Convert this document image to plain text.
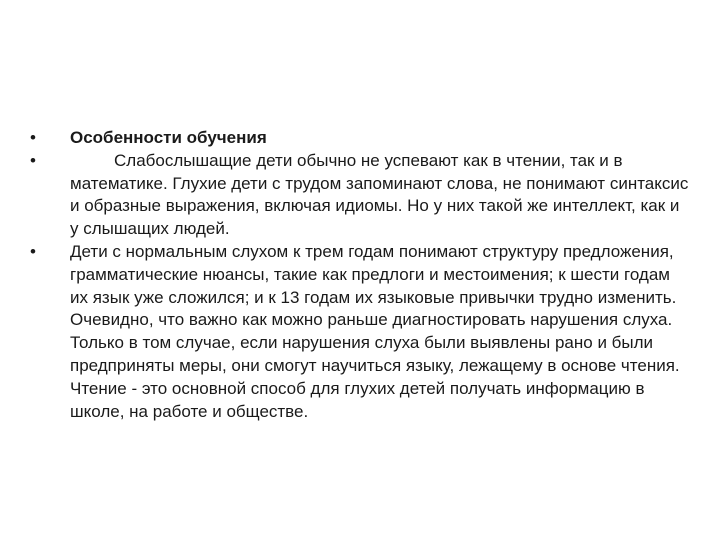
•	Особенности обучения
•	Слабослышащие дети обычно не успевают как в чтении, так и в математике. Глухие дети с трудом запоминают слова, не понимают синтаксис и образные выражения, включая идиомы. Но у них такой же интеллект, как и у слышащих людей.
•	Дети с нормальным слухом к трем годам понимают структуру предложения, грамматические нюансы, такие как предлоги и местоимения; к шести годам их язык уже сложился; и к 13 годам их языковые привычки трудно изменить. Очевидно, что важно как можно раньше диагностировать нарушения слуха. Только в том случае, если нарушения слуха были выявлены рано и были предприняты меры, они смогут научиться языку, лежащему в основе чтения. Чтение - это основной способ для глухих детей получать информацию в школе, на работе и обществе.
